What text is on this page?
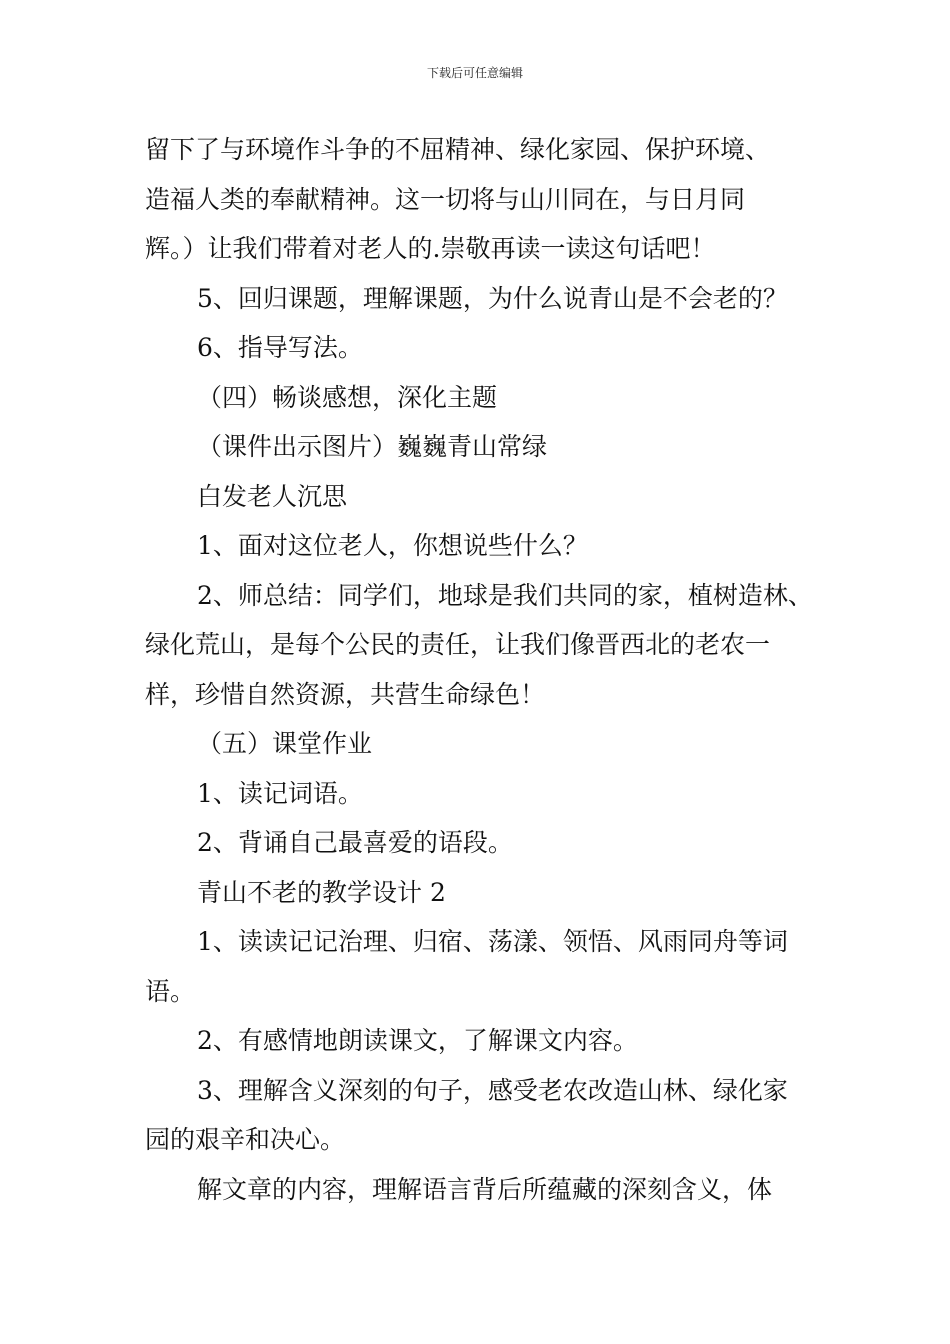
下载后可任意编辑
留下了与环境作斗争的不屈精神、绿化家园、保护环境、
造福人类的奉献精神。这一切将与山川同在，与日月同
辉。）让我们带着对老人的.崇敬再读一读这句话吧！
5、回归课题，理解课题，为什么说青山是不会老的？
6、指导写法。
（四）畅谈感想，深化主题
（课件出示图片）巍巍青山常绿
白发老人沉思
1、面对这位老人，你想说些什么？
2、师总结：同学们，地球是我们共同的家，植树造林、
绿化荒山，是每个公民的责任，让我们像晋西北的老农一
样，珍惜自然资源，共营生命绿色！
（五）课堂作业
1、读记词语。
2、背诵自己最喜爱的语段。
青山不老的教学设计 2
1、读读记记治理、归宿、荡漾、领悟、风雨同舟等词
语。
2、有感情地朗读课文，了解课文内容。
3、理解含义深刻的句子，感受老农改造山林、绿化家
园的艰辛和决心。
解文章的内容，理解语言背后所蕴藏的深刻含义，体
